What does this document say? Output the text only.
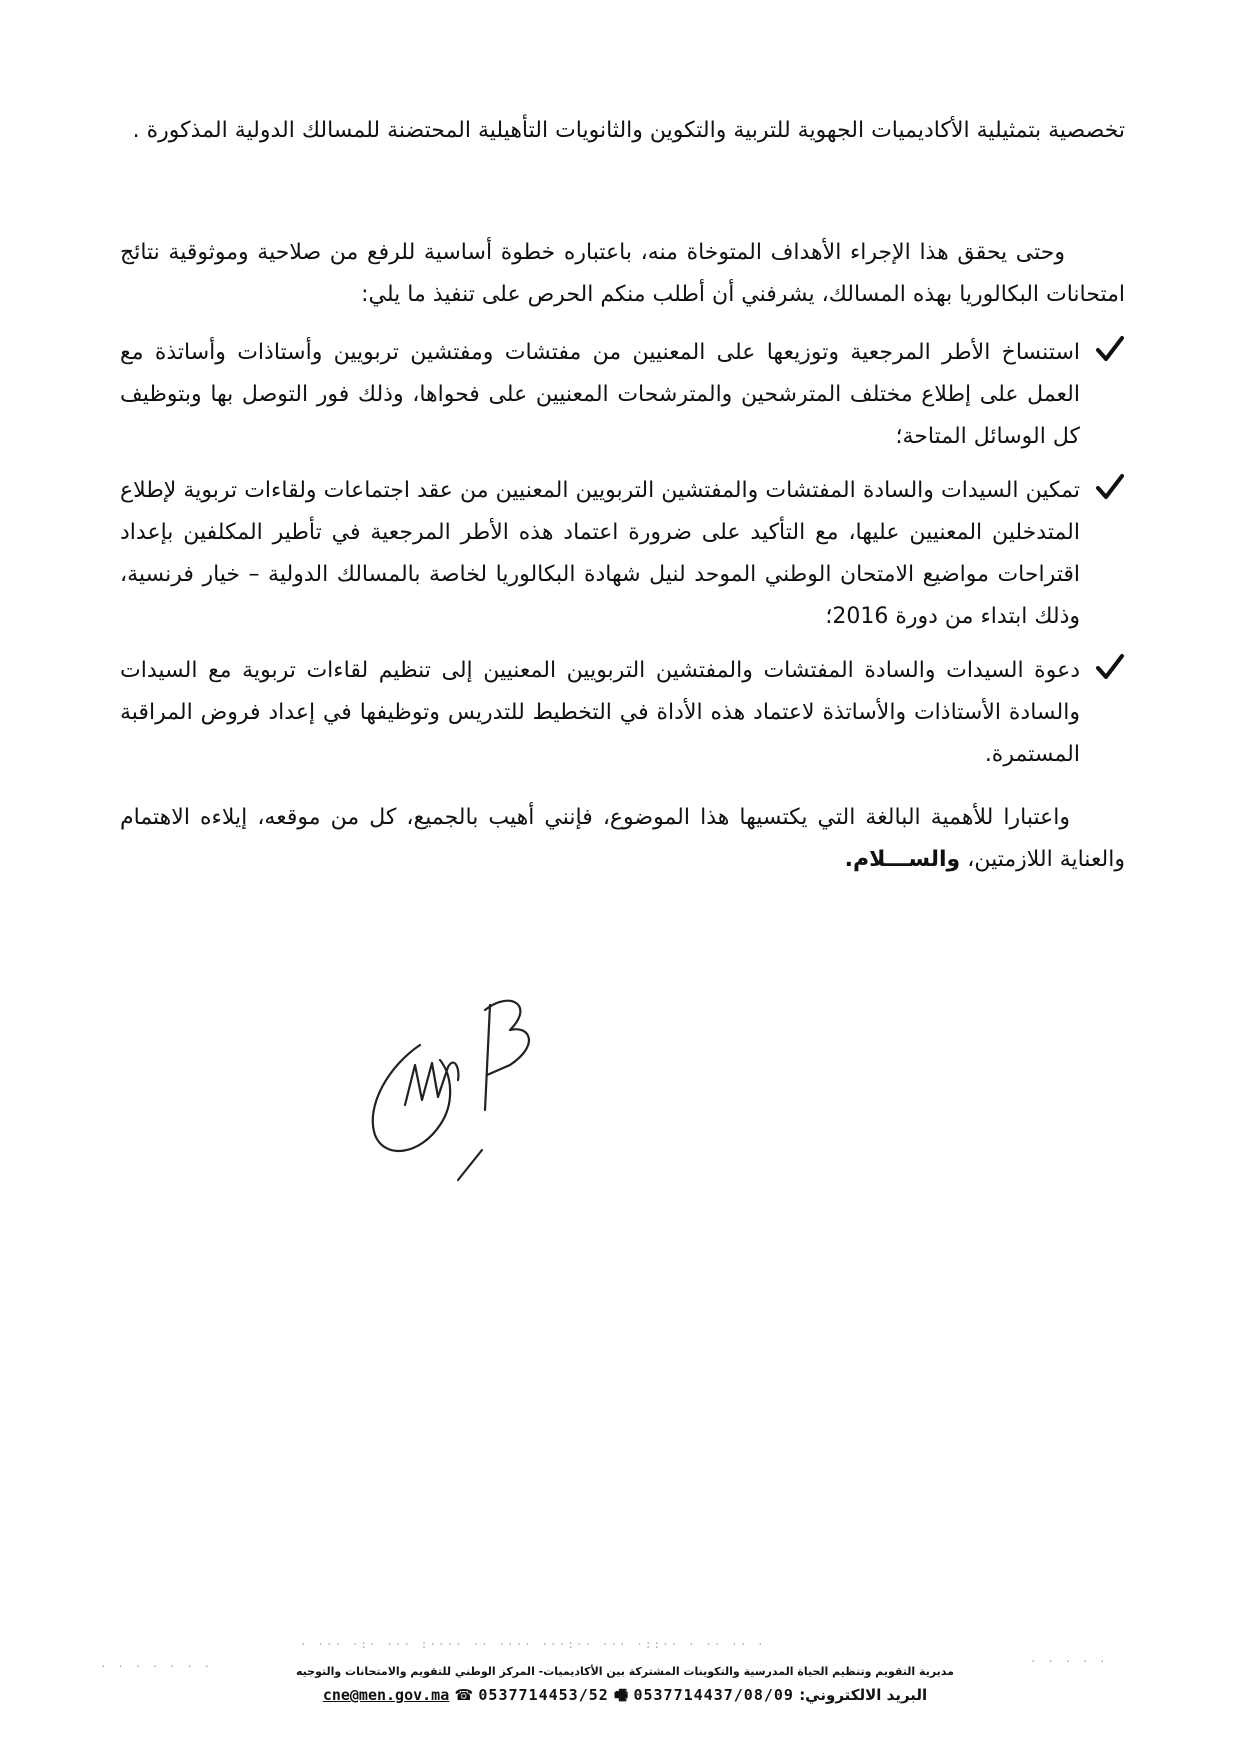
تخصصية بتمثيلية الأكاديميات الجهوية للتربية والتكوين والثانويات التأهيلية المحتضنة للمسالك الدولية المذكورة .

وحتى يحقق هذا الإجراء الأهداف المتوخاة منه، باعتباره خطوة أساسية للرفع من صلاحية وموثوقية نتائج امتحانات البكالوريا بهذه المسالك، يشرفني أن أطلب منكم الحرص على تنفيذ ما يلي:

استنساخ الأطر المرجعية وتوزيعها على المعنيين من مفتشات ومفتشين تربويين وأستاذات وأساتذة مع العمل على إطلاع مختلف المترشحين والمترشحات المعنيين على فحواها، وذلك فور التوصل بها وبتوظيف كل الوسائل المتاحة؛
تمكين السيدات والسادة المفتشات والمفتشين التربويين المعنيين من عقد اجتماعات ولقاءات تربوية لإطلاع المتدخلين المعنيين عليها، مع التأكيد على ضرورة اعتماد هذه الأطر المرجعية في تأطير المكلفين بإعداد اقتراحات مواضيع الامتحان الوطني الموحد لنيل شهادة البكالوريا لخاصة بالمسالك الدولية – خيار فرنسية، وذلك ابتداء من دورة 2016؛
دعوة السيدات والسادة المفتشات والمفتشين التربويين المعنيين إلى تنظيم لقاءات تربوية مع السيدات والسادة الأستاذات والأساتذة لاعتماد هذه الأداة في التخطيط للتدريس وتوظيفها في إعداد فروض المراقبة المستمرة.

واعتبارا للأهمية البالغة التي يكتسيها هذا الموضوع، فإنني أهيب بالجميع، كل من موقعه، إيلاءه الاهتمام والعناية اللازمتين، والســـلام.

· ··· ·:· ··· :···· ·· ···· ···:·· ··· ·::·· · ·· ·· ·
· · · · · · ·	· · · · ·
مديرية التقويم وتنظيم الحياة المدرسية والتكوينات المشتركة بين الأكاديميات- المركز الوطني للتقويم والامتحانات والتوجيه
البريد الالكتروني: cne@men.gov.ma ☎ 0537714453/52 🖷 0537714437/08/09
